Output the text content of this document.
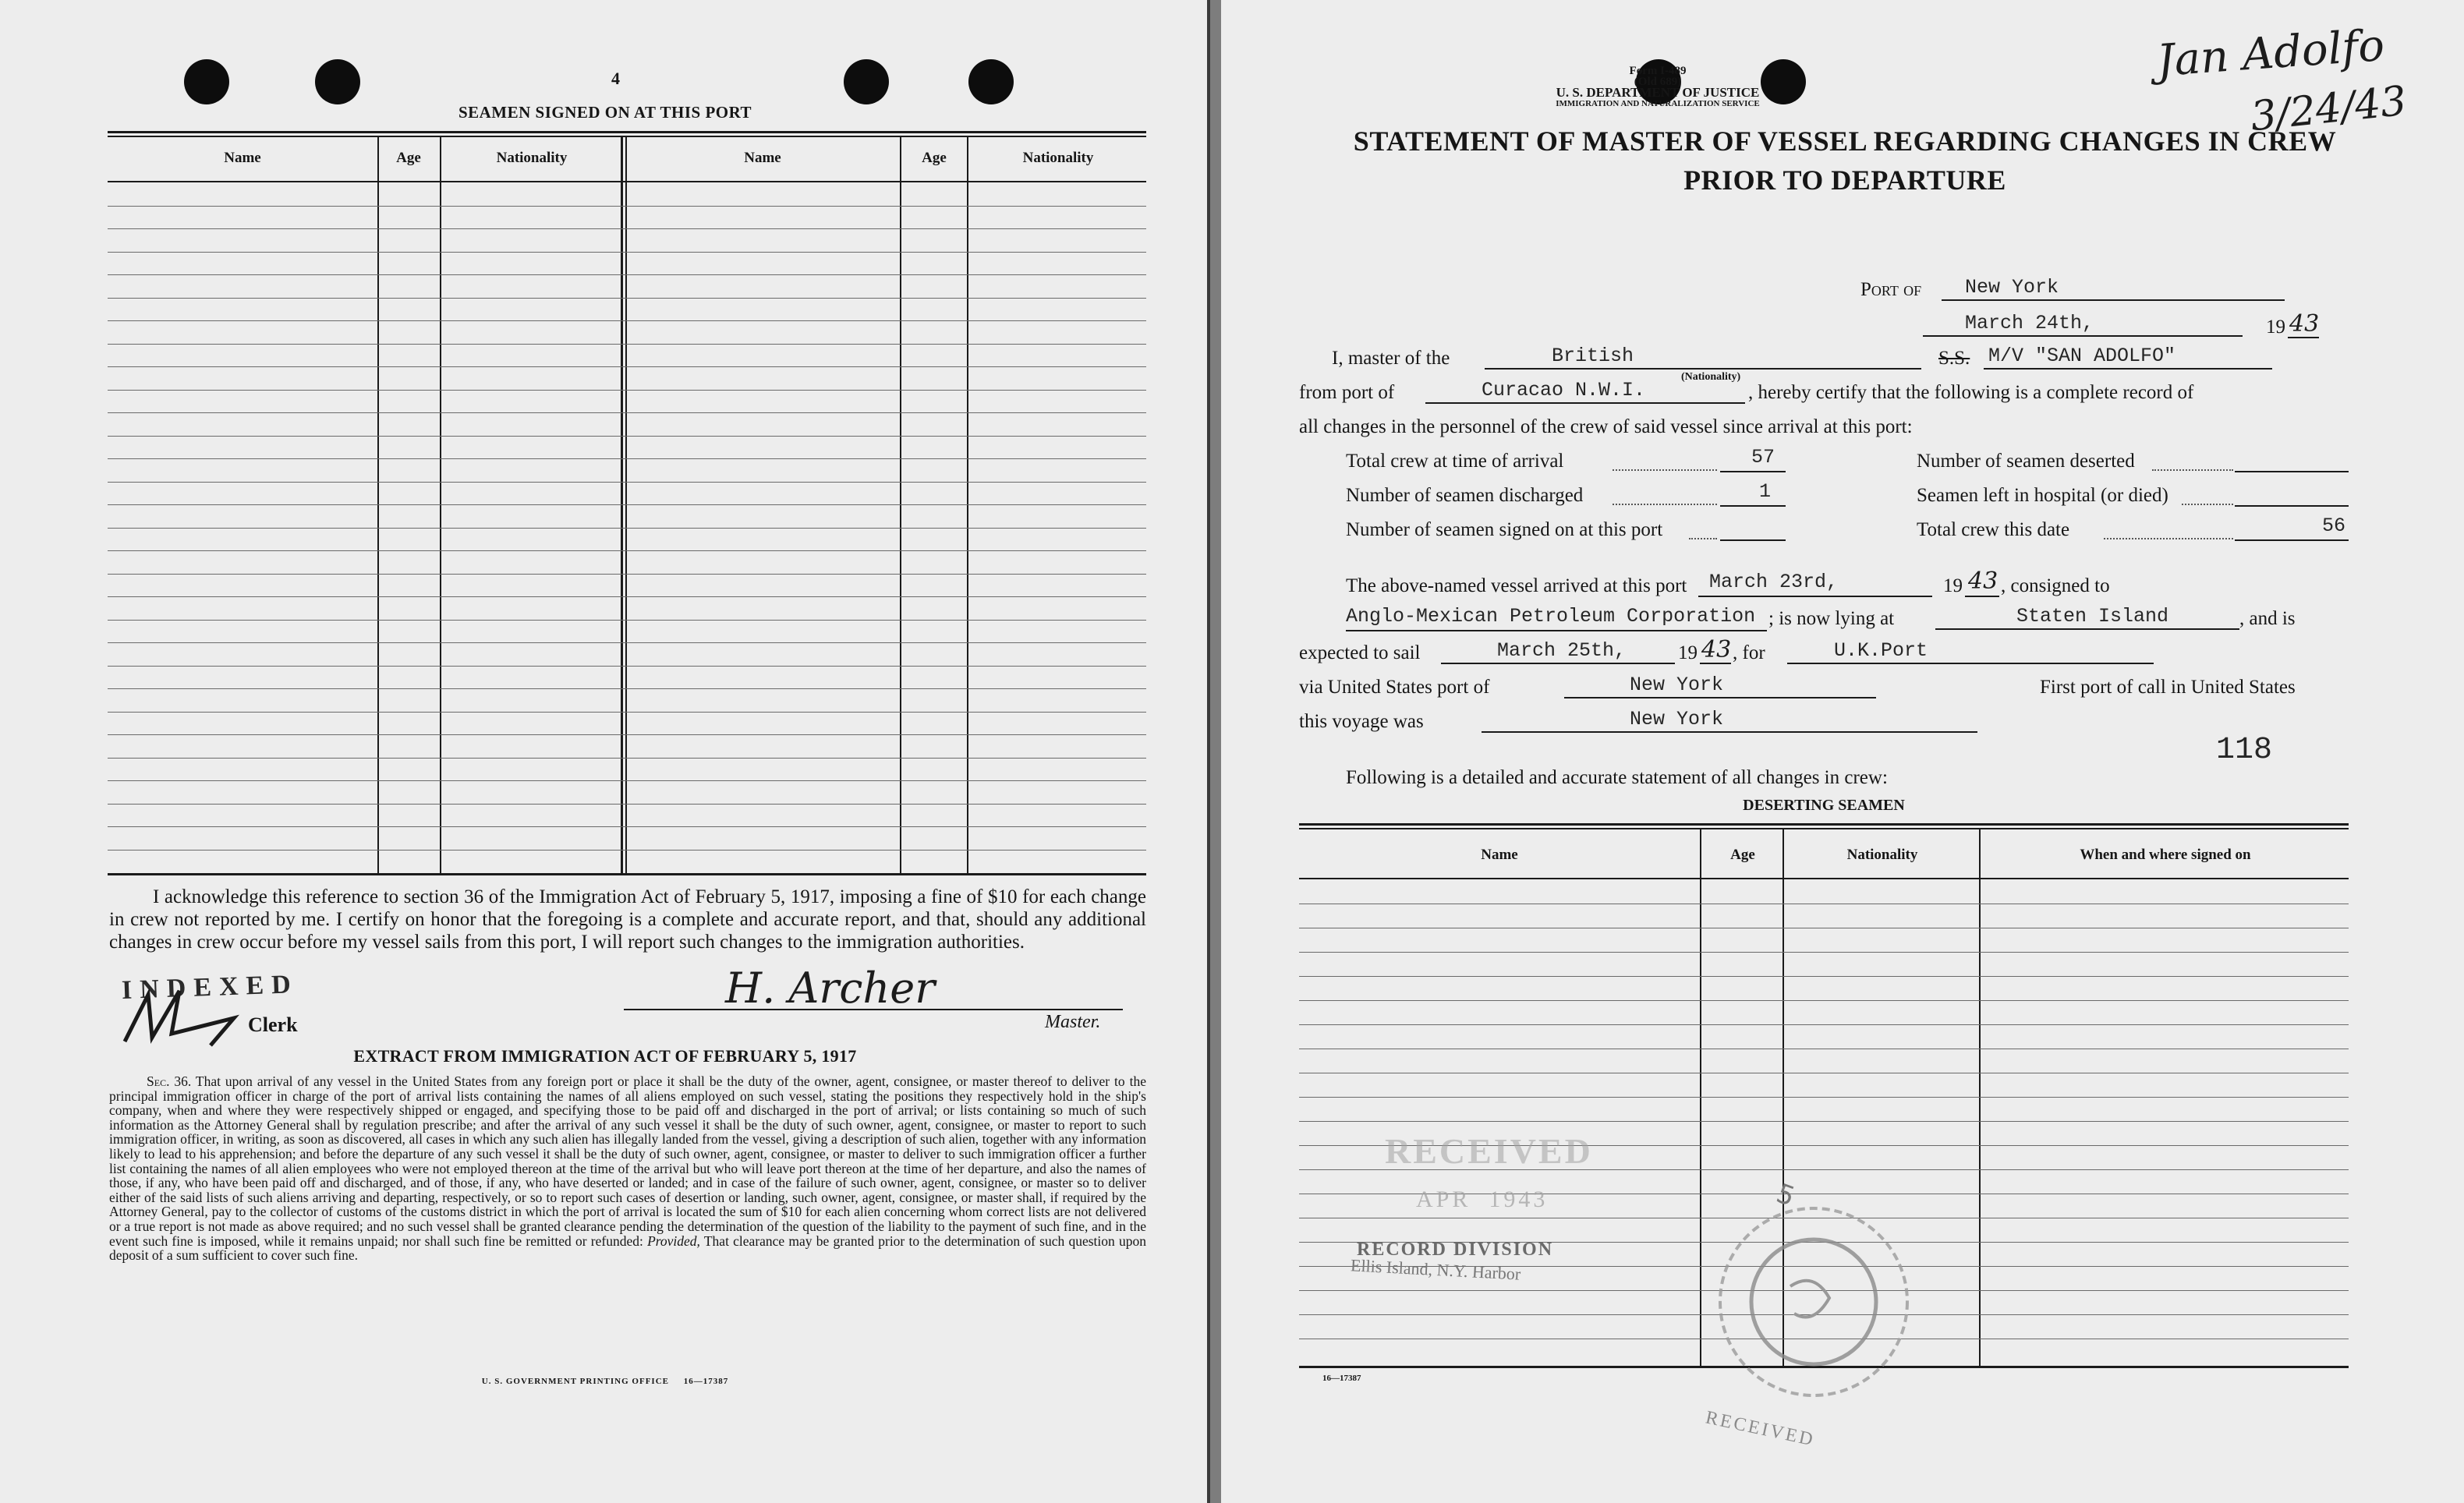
4
SEAMEN SIGNED ON AT THIS PORT
Name	Age	Nationality	Name	Age	Nationality
I acknowledge this reference to section 36 of the Immigration Act of February 5, 1917, imposing a fine of $10 for each change in crew not reported by me. I certify on honor that the foregoing is a complete and accurate report, and that, should any additional changes in crew occur before my vessel sails from this port, I will report such changes to the immigration authorities.
INDEXED
Clerk
H. Archer
Master.
EXTRACT FROM IMMIGRATION ACT OF FEBRUARY 5, 1917
Sec. 36. That upon arrival of any vessel in the United States from any foreign port or place it shall be the duty of the owner, agent, consignee, or master thereof to deliver to the principal immigration officer in charge of the port of arrival lists containing the names of all aliens employed on such vessel, stating the positions they respectively hold in the ship's company, when and where they were respectively shipped or engaged, and specifying those to be paid off and discharged in the port of arrival; or lists containing so much of such information as the Attorney General shall by regulation prescribe; and after the arrival of any such vessel it shall be the duty of such owner, agent, consignee, or master to report to such immigration officer, in writing, as soon as discovered, all cases in which any such alien has illegally landed from the vessel, giving a description of such alien, together with any information likely to lead to his apprehension; and before the departure of any such vessel it shall be the duty of such owner, agent, consignee, or master to deliver to such immigration officer a further list containing the names of all alien employees who were not employed thereon at the time of the arrival but who will leave port thereon at the time of her departure, and also the names of those, if any, who have been paid off and discharged, and of those, if any, who have deserted or landed; and in case of the failure of such owner, agent, consignee, or master so to deliver either of the said lists of such aliens arriving and departing, respectively, or so to report such cases of desertion or landing, such owner, agent, consignee, or master shall, if required by the Attorney General, pay to the collector of customs of the customs district in which the port of arrival is located the sum of $10 for each alien concerning whom correct lists are not delivered or a true report is not made as above required; and no such vessel shall be granted clearance pending the determination of the question of the liability to the payment of such fine, and in the event such fine is imposed, while it remains unpaid; nor shall such fine be remitted or refunded: Provided, That clearance may be granted prior to the determination of such question upon deposit of a sum sufficient to cover such fine.
U. S. GOVERNMENT PRINTING OFFICE     16—17387
Form I-489
(Old 689)
U. S. DEPARTMENT OF JUSTICE
IMMIGRATION AND NATURALIZATION SERVICE
Jan Adolfo
3/24/43
STATEMENT OF MASTER OF VESSEL REGARDING CHANGES IN CREW
PRIOR TO DEPARTURE
Port of New York
March 24th,	19 43
I, master of the	British
(Nationality)
S.S. M/V "SAN ADOLFO"
from port of	Curacao N.W.I.	, hereby certify that the following is a complete record of
all changes in the personnel of the crew of said vessel since arrival at this port:
Total crew at time of arrival	57
Number of seamen discharged	1
Number of seamen signed on at this port
Number of seamen deserted
Seamen left in hospital (or died)
Total crew this date	56
The above-named vessel arrived at this port March 23rd,	19 43 , consigned to
Anglo-Mexican Petroleum Corporation ; is now lying at	Staten Island	, and is
expected to sail	March 25th,	19 43 , for	U.K.Port
via United States port of	New York	First port of call in United States
this voyage was	New York
118
Following is a detailed and accurate statement of all changes in crew:
DESERTING SEAMEN
Name	Age	Nationality	When and where signed on
RECEIVED
APR  1943
RECORD DIVISION
Ellis Island, N.Y. Harbor
5
RECEIVED
16—17387
